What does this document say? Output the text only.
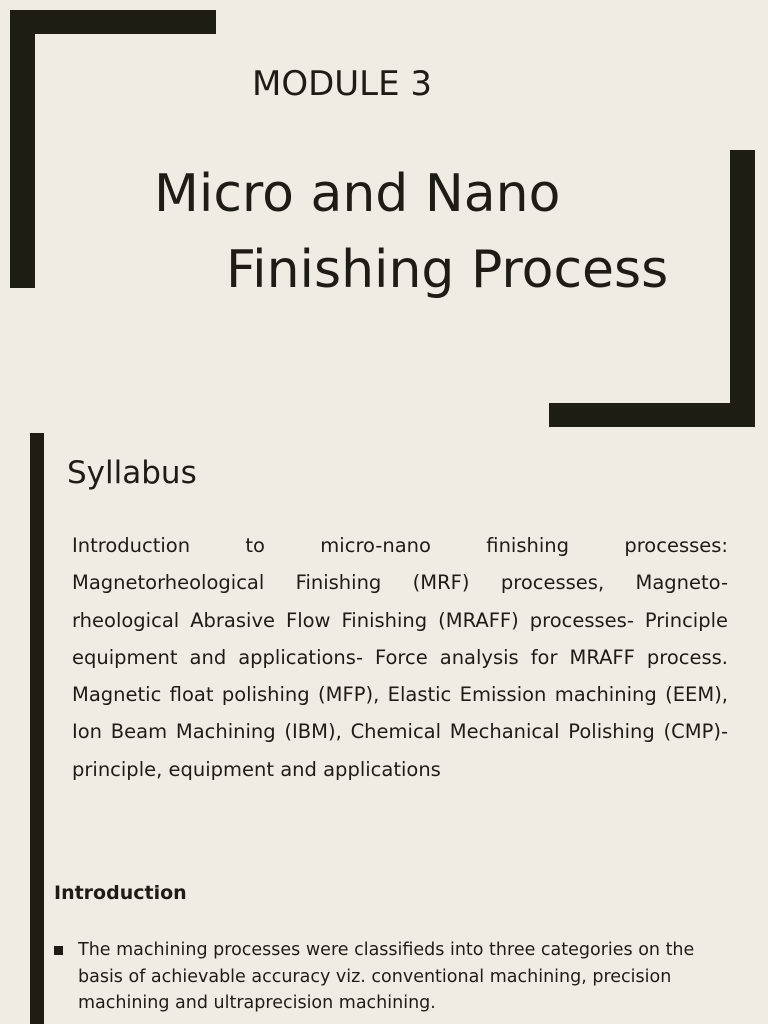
MODULE 3
Micro and Nano
Finishing Process
Syllabus
Introduction to micro-nano finishing processes: Magnetorheological Finishing (MRF) processes, Magneto-rheological Abrasive Flow Finishing (MRAFF) processes- Principle equipment and applications- Force analysis for MRAFF process. Magnetic float polishing (MFP), Elastic Emission machining (EEM), Ion Beam Machining (IBM), Chemical Mechanical Polishing (CMP)- principle, equipment and applications
Introduction
The machining processes were classifieds into three categories on the basis of achievable accuracy viz. conventional machining, precision machining and ultraprecision machining.
